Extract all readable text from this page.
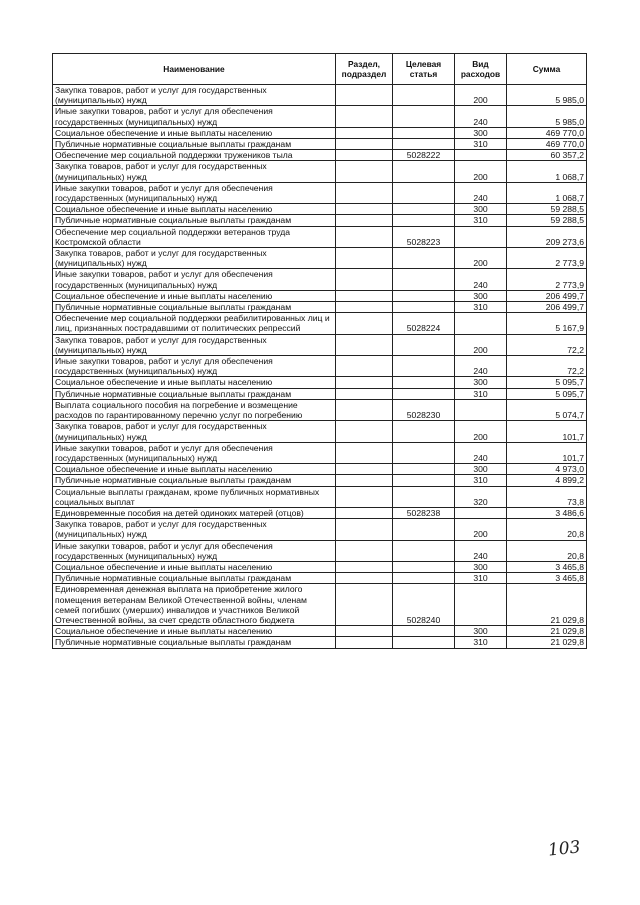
Наименование	Раздел, подраздел	Целевая статья	Вид расходов	Сумма
Закупка товаров, работ и услуг для государственных (муниципальных) нужд			200	5 985,0
Иные закупки товаров, работ и услуг для обеспечения государственных (муниципальных) нужд			240	5 985,0
Социальное обеспечение и иные выплаты населению			300	469 770,0
Публичные нормативные социальные выплаты гражданам			310	469 770,0
Обеспечение мер социальной поддержки тружеников тыла		5028222		60 357,2
Закупка товаров, работ и услуг для государственных (муниципальных) нужд			200	1 068,7
Иные закупки товаров, работ и услуг для обеспечения государственных (муниципальных) нужд			240	1 068,7
Социальное обеспечение и иные выплаты населению			300	59 288,5
Публичные нормативные социальные выплаты гражданам			310	59 288,5
Обеспечение мер социальной поддержки ветеранов труда Костромской области		5028223		209 273,6
Закупка товаров, работ и услуг для государственных (муниципальных) нужд			200	2 773,9
Иные закупки товаров, работ и услуг для обеспечения государственных (муниципальных) нужд			240	2 773,9
Социальное обеспечение и иные выплаты населению			300	206 499,7
Публичные нормативные социальные выплаты гражданам			310	206 499,7
Обеспечение мер социальной поддержки реабилитированных лиц и лиц, признанных пострадавшими от политических репрессий		5028224		5 167,9
Закупка товаров, работ и услуг для государственных (муниципальных) нужд			200	72,2
Иные закупки товаров, работ и услуг для обеспечения государственных (муниципальных) нужд			240	72,2
Социальное обеспечение и иные выплаты населению			300	5 095,7
Публичные нормативные социальные выплаты гражданам			310	5 095,7
Выплата социального пособия на погребение и возмещение расходов по гарантированному перечню услуг по погребению		5028230		5 074,7
Закупка товаров, работ и услуг для государственных (муниципальных) нужд			200	101,7
Иные закупки товаров, работ и услуг для обеспечения государственных (муниципальных) нужд			240	101,7
Социальное обеспечение и иные выплаты населению			300	4 973,0
Публичные нормативные социальные выплаты гражданам			310	4 899,2
Социальные выплаты гражданам, кроме публичных нормативных социальных выплат			320	73,8
Единовременные пособия на детей одиноких матерей (отцов)		5028238		3 486,6
Закупка товаров, работ и услуг для государственных (муниципальных) нужд			200	20,8
Иные закупки товаров, работ и услуг для обеспечения государственных (муниципальных) нужд			240	20,8
Социальное обеспечение и иные выплаты населению			300	3 465,8
Публичные нормативные социальные выплаты гражданам			310	3 465,8
Единовременная денежная выплата на приобретение жилого помещения ветеранам Великой Отечественной войны, членам семей погибших (умерших) инвалидов и участников Великой Отечественной войны, за счет средств областного бюджета		5028240		21 029,8
Социальное обеспечение и иные выплаты населению			300	21 029,8
Публичные нормативные социальные выплаты гражданам			310	21 029,8
103
